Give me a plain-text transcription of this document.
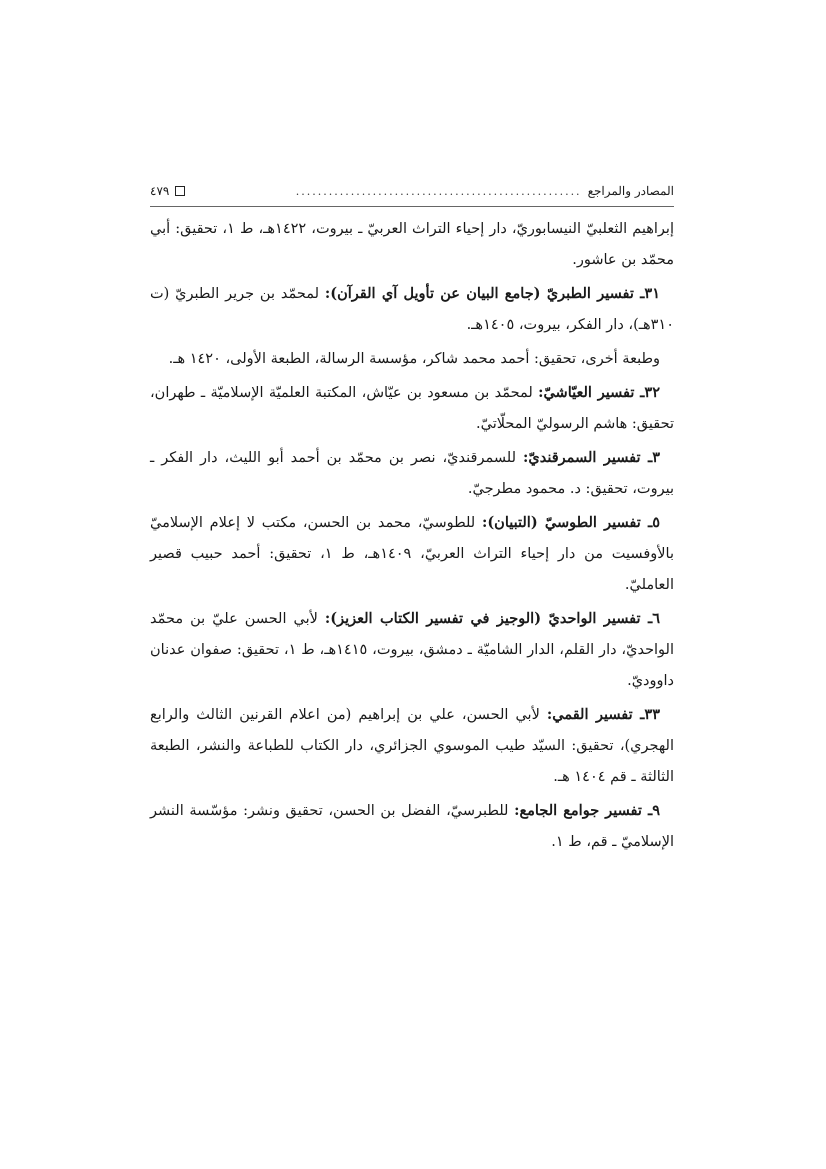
المصادر والمراجع
....................................................
٤٧٩

إبراهيم الثعلبيّ النيسابوريّ، دار إحياء التراث العربيّ ـ بيروت، ١٤٢٢هـ، ط ١، تحقيق: أبي محمّد بن عاشور.

٣١ـ تفسير الطبريّ (جامع البيان عن تأويل آي القرآن): لمحمّد بن جرير الطبريّ (ت ٣١٠هـ)، دار الفكر، بيروت، ١٤٠٥هـ.

وطبعة أخرى، تحقيق: أحمد محمد شاكر، مؤسسة الرسالة، الطبعة الأولى، ١٤٢٠ هـ.

٣٢ـ تفسير العيّاشيّ: لمحمّد بن مسعود بن عيّاش، المكتبة العلميّة الإسلاميّة ـ طهران، تحقيق: هاشم الرسوليّ المحلّاتيّ.

٣ـ تفسير السمرقنديّ: للسمرقنديّ، نصر بن محمّد بن أحمد أبو الليث، دار الفكر ـ بيروت، تحقيق: د. محمود مطرجيّ.

٥ـ تفسير الطوسيّ (التبيان): للطوسيّ، محمد بن الحسن، مكتب لا إعلام الإسلاميّ بالأوفسيت من دار إحياء التراث العربيّ، ١٤٠٩هـ، ط ١، تحقيق: أحمد حبيب قصير العامليّ.

٦ـ تفسير الواحديّ (الوجيز في تفسير الكتاب العزيز): لأبي الحسن عليّ بن محمّد الواحديّ، دار القلم، الدار الشاميّة ـ دمشق، بيروت، ١٤١٥هـ، ط ١، تحقيق: صفوان عدنان داووديّ.

٣٣ـ تفسير القمي: لأبي الحسن، علي بن إبراهيم (من اعلام القرنين الثالث والرابع الهجري)، تحقيق: السيّد طيب الموسوي الجزائري، دار الكتاب للطباعة والنشر، الطبعة الثالثة ـ قم ١٤٠٤ هـ.

٩ـ تفسير جوامع الجامع: للطبرسيّ، الفضل بن الحسن، تحقيق ونشر: مؤسّسة النشر الإسلاميّ ـ قم، ط ١.
